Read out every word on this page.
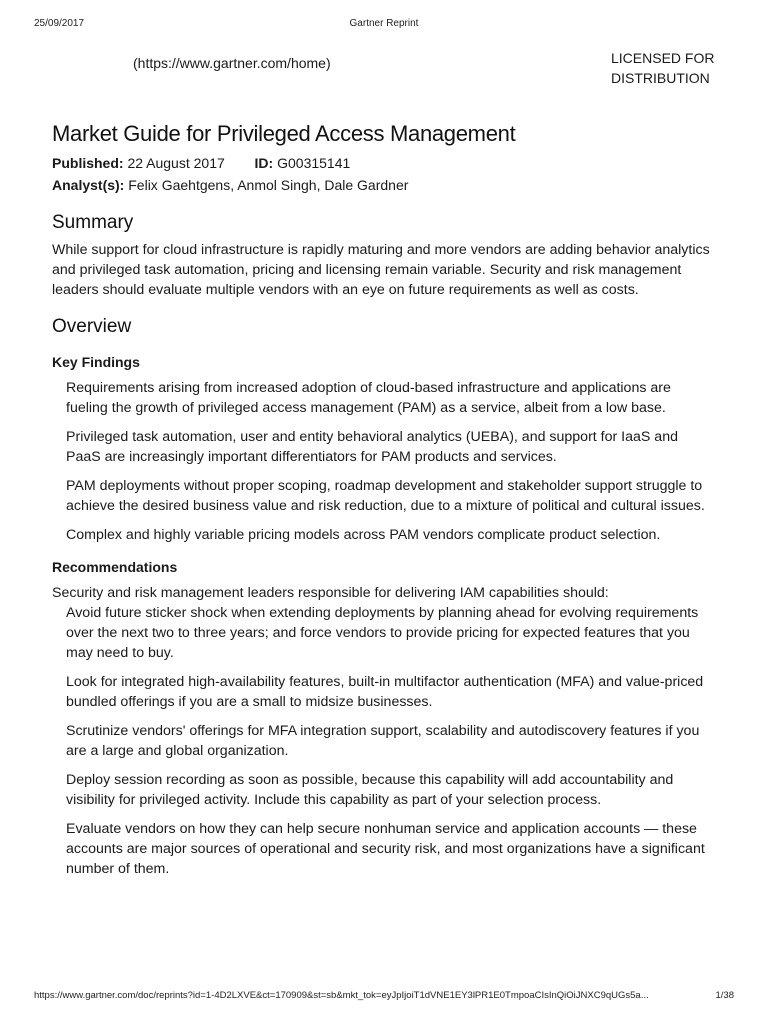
25/09/2017	Gartner Reprint
(https://www.gartner.com/home)	LICENSED FOR
DISTRIBUTION
Market Guide for Privileged Access Management

Published: 22 August 2017 ID: G00315141

Analyst(s): Felix Gaehtgens, Anmol Singh, Dale Gardner

Summary

While support for cloud infrastructure is rapidly maturing and more vendors are adding behavior analytics and privileged task automation, pricing and licensing remain variable. Security and risk management leaders should evaluate multiple vendors with an eye on future requirements as well as costs.

Overview
Key Findings
Requirements arising from increased adoption of cloud-based infrastructure and applications are fueling the growth of privileged access management (PAM) as a service, albeit from a low base.
Privileged task automation, user and entity behavioral analytics (UEBA), and support for IaaS and PaaS are increasingly important differentiators for PAM products and services.
PAM deployments without proper scoping, roadmap development and stakeholder support struggle to achieve the desired business value and risk reduction, due to a mixture of political and cultural issues.
Complex and highly variable pricing models across PAM vendors complicate product selection.
Recommendations

Security and risk management leaders responsible for delivering IAM capabilities should:

Avoid future sticker shock when extending deployments by planning ahead for evolving requirements over the next two to three years; and force vendors to provide pricing for expected features that you may need to buy.
Look for integrated high-availability features, built-in multifactor authentication (MFA) and value-priced bundled offerings if you are a small to midsize businesses.
Scrutinize vendors' offerings for MFA integration support, scalability and autodiscovery features if you are a large and global organization.
Deploy session recording as soon as possible, because this capability will add accountability and visibility for privileged activity. Include this capability as part of your selection process.
Evaluate vendors on how they can help secure nonhuman service and application accounts — these accounts are major sources of operational and security risk, and most organizations have a significant number of them.
https://www.gartner.com/doc/reprints?id=1-4D2LXVE&ct=170909&st=sb&mkt_tok=eyJpIjoiT1dVNE1EY3lPR1E0TmpoaCIsInQiOiJNXC9qUGs5a...	1/38
